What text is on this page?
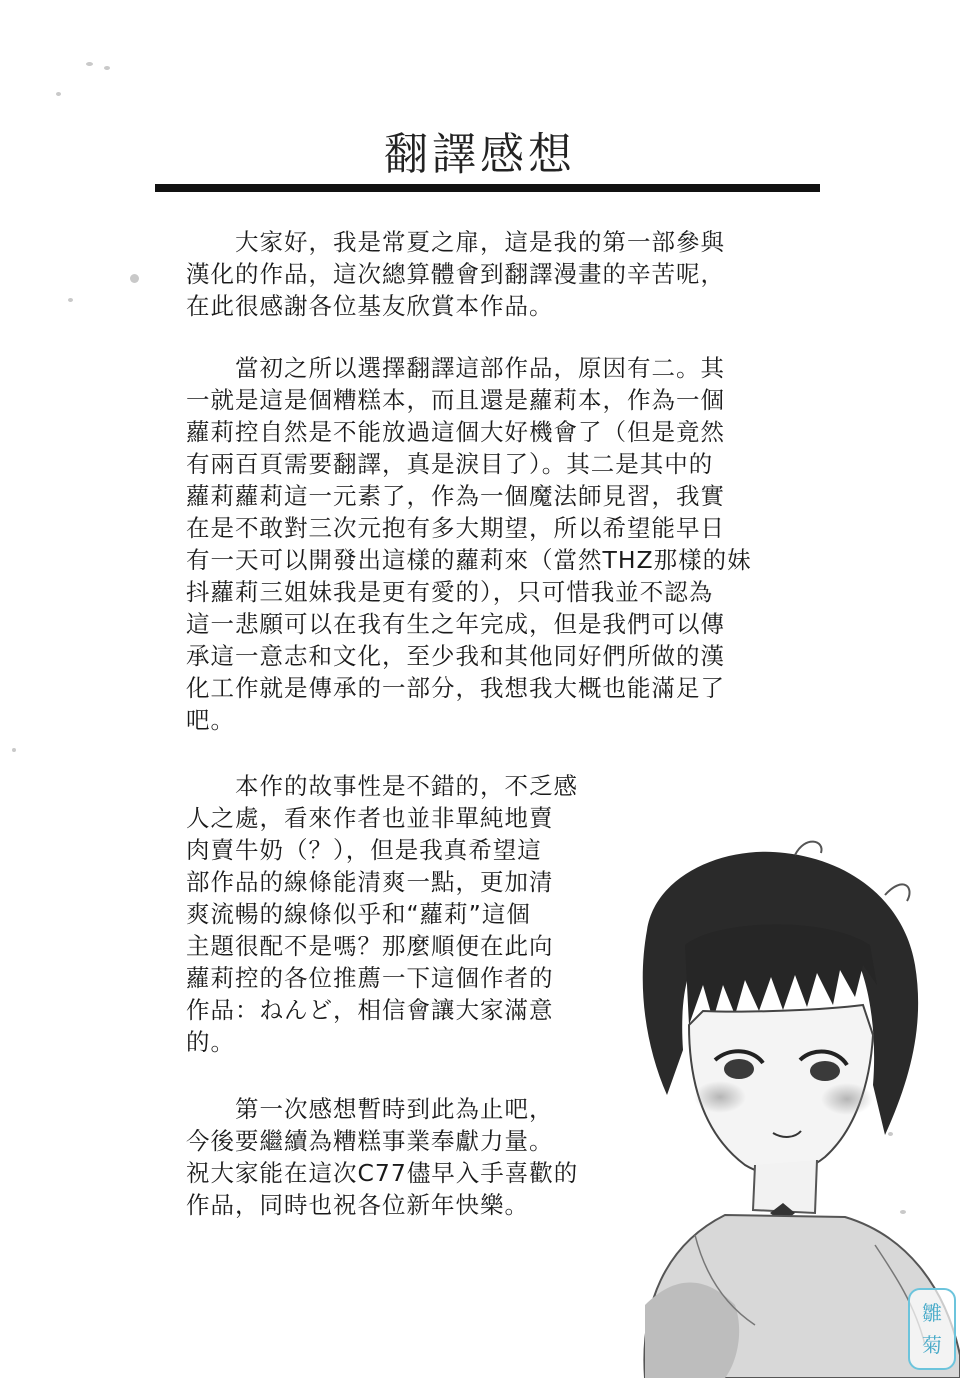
翻譯感想

　　大家好，我是常夏之扉，這是我的第一部參與
漢化的作品，這次總算體會到翻譯漫畫的辛苦呢，
在此很感謝各位基友欣賞本作品。

　　當初之所以選擇翻譯這部作品，原因有二。其
一就是這是個糟糕本，而且還是蘿莉本，作為一個
蘿莉控自然是不能放過這個大好機會了（但是竟然
有兩百頁需要翻譯，真是淚目了）。其二是其中的
蘿莉蘿莉這一元素了，作為一個魔法師見習，我實
在是不敢對三次元抱有多大期望，所以希望能早日
有一天可以開發出這樣的蘿莉來（當然THZ那樣的妹
抖蘿莉三姐妹我是更有愛的），只可惜我並不認為
這一悲願可以在我有生之年完成，但是我們可以傳
承這一意志和文化，至少我和其他同好們所做的漢
化工作就是傳承的一部分，我想我大概也能滿足了
吧。

　　本作的故事性是不錯的，不乏感
人之處，看來作者也並非單純地賣
肉賣牛奶（？），但是我真希望這
部作品的線條能清爽一點，更加清
爽流暢的線條似乎和“蘿莉”這個
主題很配不是嗎？那麼順便在此向
蘿莉控的各位推薦一下這個作者的
作品：ねんど，相信會讓大家滿意
的。

　　第一次感想暫時到此為止吧，
今後要繼續為糟糕事業奉獻力量。
祝大家能在這次C77儘早入手喜歡的
作品，同時也祝各位新年快樂。

雛
菊
